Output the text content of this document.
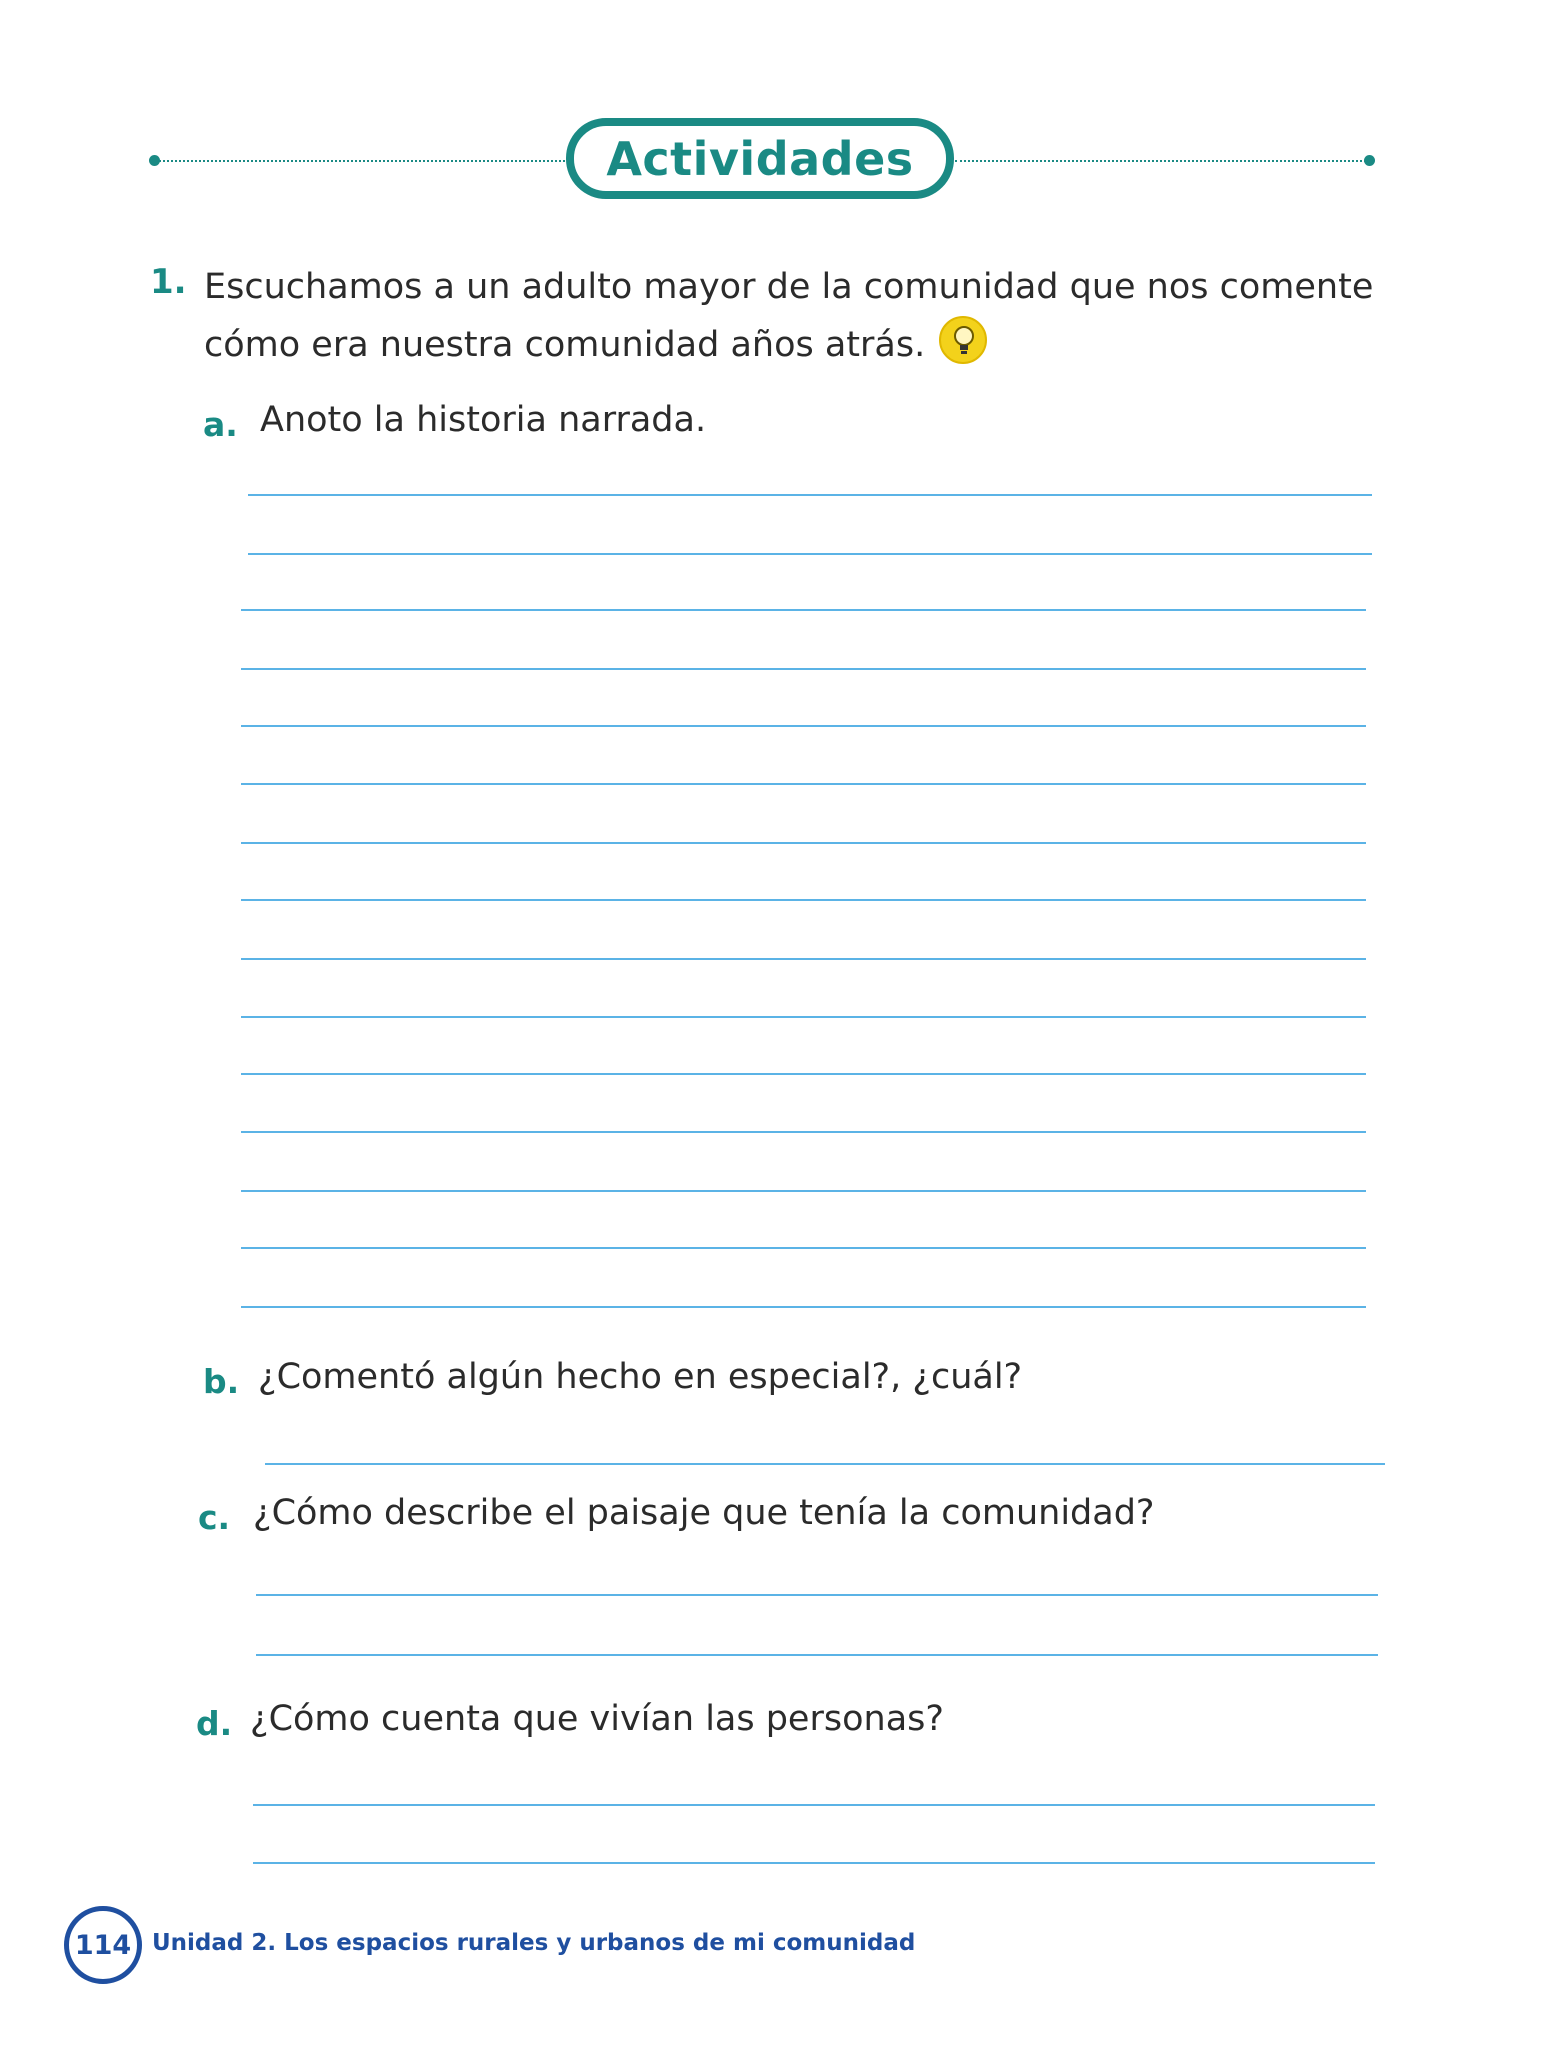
Actividades
1. Escuchamos a un adulto mayor de la comunidad que nos comente
cómo era nuestra comunidad años atrás.
a. Anoto la historia narrada.
b. ¿Comentó algún hecho en especial?, ¿cuál?
c. ¿Cómo describe el paisaje que tenía la comunidad?
d. ¿Cómo cuenta que vivían las personas?
114 Unidad 2. Los espacios rurales y urbanos de mi comunidad
